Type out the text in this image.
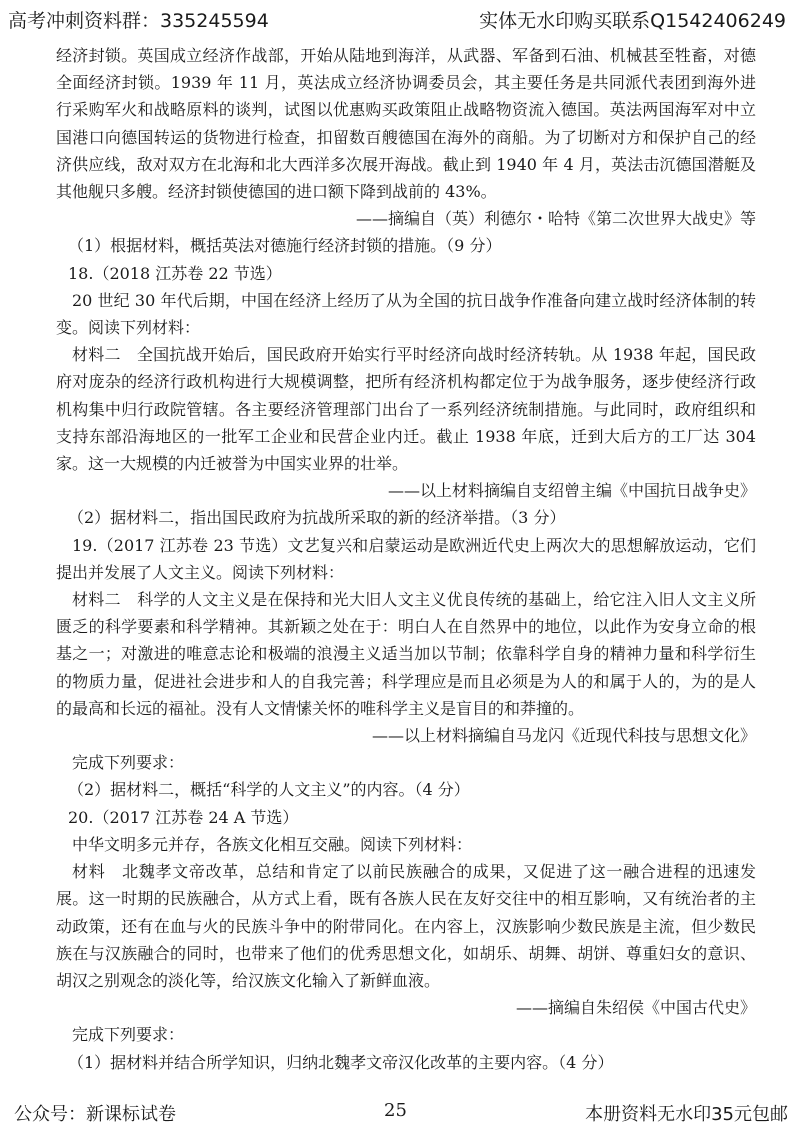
高考冲刺资料群：335245594	实体无水印购买联系Q1542406249

经济封锁。英国成立经济作战部，开始从陆地到海洋，从武器、军备到石油、机械甚至牲畜，对德全面经济封锁。1939 年 11 月，英法成立经济协调委员会，其主要任务是共同派代表团到海外进行采购军火和战略原料的谈判，试图以优惠购买政策阻止战略物资流入德国。英法两国海军对中立国港口向德国转运的货物进行检查，扣留数百艘德国在海外的商船。为了切断对方和保护自己的经济供应线，敌对双方在北海和北大西洋多次展开海战。截止到 1940 年 4 月，英法击沉德国潜艇及其他舰只多艘。经济封锁使德国的进口额下降到战前的 43%。

——摘编自（英）利德尔・哈特《第二次世界大战史》等

（1）根据材料，概括英法对德施行经济封锁的措施。（9 分）

18.（2018 江苏卷 22 节选）

20 世纪 30 年代后期，中国在经济上经历了从为全国的抗日战争作准备向建立战时经济体制的转变。阅读下列材料：

材料二　全国抗战开始后，国民政府开始实行平时经济向战时经济转轨。从 1938 年起，国民政府对庞杂的经济行政机构进行大规模调整，把所有经济机构都定位于为战争服务，逐步使经济行政机构集中归行政院管辖。各主要经济管理部门出台了一系列经济统制措施。与此同时，政府组织和支持东部沿海地区的一批军工企业和民营企业内迁。截止 1938 年底，迁到大后方的工厂达 304 家。这一大规模的内迁被誉为中国实业界的壮举。

——以上材料摘编自支绍曾主编《中国抗日战争史》

（2）据材料二，指出国民政府为抗战所采取的新的经济举措。（3 分）

19.（2017 江苏卷 23 节选）文艺复兴和启蒙运动是欧洲近代史上两次大的思想解放运动，它们提出并发展了人文主义。阅读下列材料：

材料二　科学的人文主义是在保持和光大旧人文主义优良传统的基础上，给它注入旧人文主义所匮乏的科学要素和科学精神。其新颖之处在于：明白人在自然界中的地位，以此作为安身立命的根基之一；对激进的唯意志论和极端的浪漫主义适当加以节制；依靠科学自身的精神力量和科学衍生的物质力量，促进社会进步和人的自我完善；科学理应是而且必须是为人的和属于人的，为的是人的最高和长远的福祉。没有人文情愫关怀的唯科学主义是盲目的和莽撞的。

——以上材料摘编自马龙闪《近现代科技与思想文化》

完成下列要求：

（2）据材料二，概括“科学的人文主义”的内容。（4 分）

20.（2017 江苏卷 24 A 节选）

中华文明多元并存，各族文化相互交融。阅读下列材料：

材料　北魏孝文帝改革，总结和肯定了以前民族融合的成果，又促进了这一融合进程的迅速发展。这一时期的民族融合，从方式上看，既有各族人民在友好交往中的相互影响，又有统治者的主动政策，还有在血与火的民族斗争中的附带同化。在内容上，汉族影响少数民族是主流，但少数民族在与汉族融合的同时，也带来了他们的优秀思想文化，如胡乐、胡舞、胡饼、尊重妇女的意识、胡汉之别观念的淡化等，给汉族文化输入了新鲜血液。

——摘编自朱绍侯《中国古代史》

完成下列要求：

（1）据材料并结合所学知识，归纳北魏孝文帝汉化改革的主要内容。（4 分）

公众号：新课标试卷	25	本册资料无水印35元包邮
